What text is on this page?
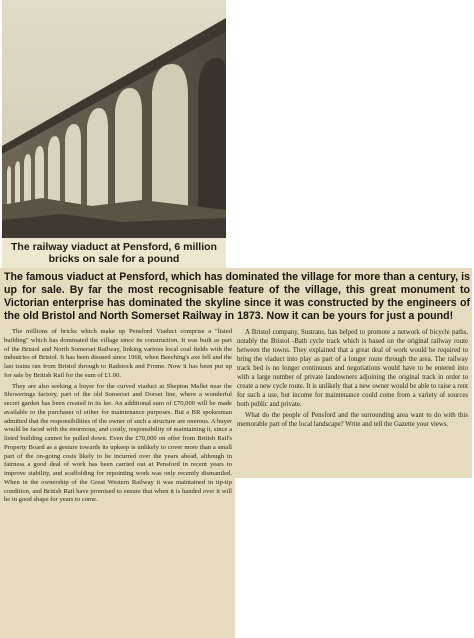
The railway viaduct at Pensford, 6 million bricks on sale for a pound
The famous viaduct at Pensford, which has dominated the village for more than a century, is up for sale. By far the most recognisable feature of the village, this great monument to Victorian enterprise has dominated the skyline since it was constructed by the engineers of the old Bristol and North Somerset Railway in 1873. Now it can be yours for just a pound!

A Bristol company, Sustrans, has helped to promote a network of bicycle paths, notably the Bristol -Bath cycle track which is based on the original railway route between the towns. They explained that a great deal of work would be required to bring the viaduct into play as part of a longer route through the area. The railway track bed is no longer continuous and negotiations would have to be entered into with a large number of private landowners adjoining the original track in order to create a new cycle route. It is unlikely that a new owner would be able to raise a rent for such a use, but income for maintenance could come from a variety of sources both public and private.

What do the people of Pensford and the surrounding area want to do with this memorable part of the local landscape? Write and tell the Gazette your views.

The millions of bricks which make up Pensford Viaduct comprise a "listed building" which has dominated the village since its construction. It was built as part of the Bristol and North Somerset Railway, linking various local coal fields with the industries of Bristol. It has been disused since 1968, when Beeching's axe fell and the last trains ran from Bristol through to Radstock and Frome. Now it has been put up for sale by British Rail for the sum of £1.00.

They are also seeking a buyer for the curved viaduct at Shepton Mallet near the Showerings factory, part of the old Somerset and Dorset line, where a wonderful secret garden has been created in its lee. An additional sum of £70,000 will be made available to the purchaser of either for maintenance purposes. But a BR spokesman admitted that the responsibilities of the owner of such a structure are onerous. A buyer would be faced with the enormous, and costly, responsibility of maintaining it, since a listed building cannot be pulled down. Even the £70,000 on offer from British Rail's Property Board as a gesture towards its upkeep is unlikely to cover more than a small part of the on-going costs likely to be incurred over the years ahead, although in fairness a good deal of work has been carried out at Pensford in recent years to improve stability, and scaffolding for repointing work was only recently dismantled. When in the ownership of the Great Western Railway it was maintained in tip-tip condition, and British Rail have promised to ensure that when it is handed over it will be in good shape for years to come.
